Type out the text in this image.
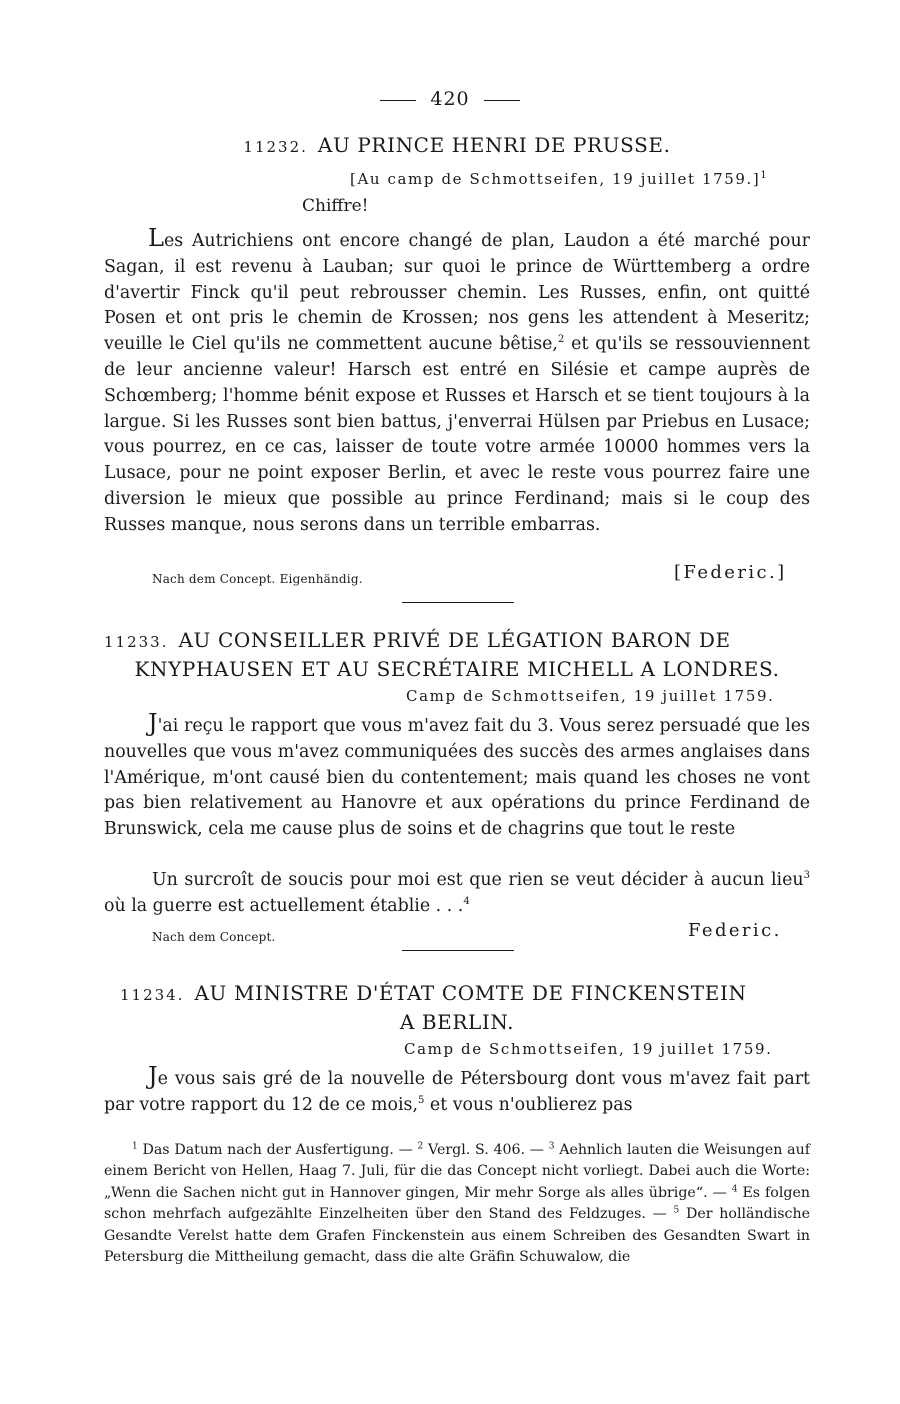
420
11232. AU PRINCE HENRI DE PRUSSE.
[Au camp de Schmottseifen, 19 juillet 1759.]$^1$
Chiffre!
Les Autrichiens ont encore changé de plan, Laudon a été marché pour Sagan, il est revenu à Lauban; sur quoi le prince de Württemberg a ordre d'avertir Finck qu'il peut rebrousser chemin. Les Russes, enfin, ont quitté Posen et ont pris le chemin de Krossen; nos gens les attendent à Meseritz; veuille le Ciel qu'ils ne commettent aucune bêtise,$^2$ et qu'ils se ressouviennent de leur ancienne valeur! Harsch est entré en Silésie et campe auprès de Schœmberg; l'homme bénit expose et Russes et Harsch et se tient toujours à la largue. Si les Russes sont bien battus, j'enverrai Hülsen par Priebus en Lusace; vous pourrez, en ce cas, laisser de toute votre armée 10000 hommes vers la Lusace, pour ne point exposer Berlin, et avec le reste vous pourrez faire une diversion le mieux que possible au prince Ferdinand; mais si le coup des Russes manque, nous serons dans un terrible embarras.
Nach dem Concept. Eigenhändig.	[Federic.]
11233. AU CONSEILLER PRIVÉ DE LÉGATION BARON DE
KNYPHAUSEN ET AU SECRÉTAIRE MICHELL A LONDRES.
Camp de Schmottseifen, 19 juillet 1759.
J'ai reçu le rapport que vous m'avez fait du 3. Vous serez persuadé que les nouvelles que vous m'avez communiquées des succès des armes anglaises dans l'Amérique, m'ont causé bien du contentement; mais quand les choses ne vont pas bien relativement au Hanovre et aux opérations du prince Ferdinand de Brunswick, cela me cause plus de soins et de chagrins que tout le reste
Un surcroît de soucis pour moi est que rien se veut décider à aucun lieu$^3$ où la guerre est actuellement établie . . .$^4$
Nach dem Concept.	Federic.
11234. AU MINISTRE D'ÉTAT COMTE DE FINCKENSTEIN
A BERLIN.
Camp de Schmottseifen, 19 juillet 1759.
Je vous sais gré de la nouvelle de Pétersbourg dont vous m'avez fait part par votre rapport du 12 de ce mois,$^5$ et vous n'oublierez pas
$^1$ Das Datum nach der Ausfertigung. — $^2$ Vergl. S. 406. — $^3$ Aehnlich lauten die Weisungen auf einem Bericht von Hellen, Haag 7. Juli, für die das Concept nicht vorliegt. Dabei auch die Worte: „Wenn die Sachen nicht gut in Hannover gingen, Mir mehr Sorge als alles übrige“. — $^4$ Es folgen schon mehrfach aufgezählte Einzelheiten über den Stand des Feldzuges. — $^5$ Der holländische Gesandte Verelst hatte dem Grafen Finckenstein aus einem Schreiben des Gesandten Swart in Petersburg die Mittheilung gemacht, dass die alte Gräfin Schuwalow, die
